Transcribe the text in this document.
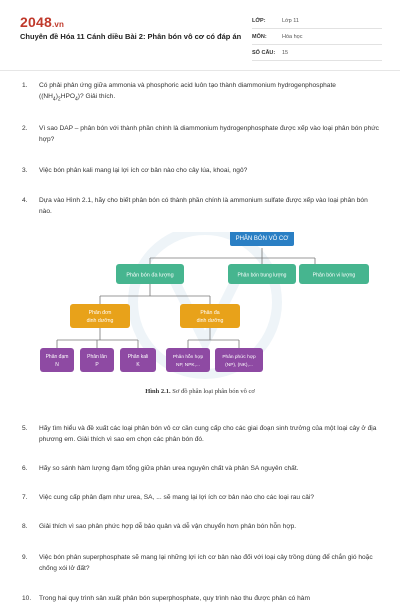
2048.vn
Chuyên đề Hóa 11 Cánh diều Bài 2: Phân bón vô cơ có đáp án
LỚP:	Lớp 11
MÔN:	Hóa học
SỐ CÂU:	15
1.	Có phải phản ứng giữa ammonia và phosphoric acid luôn tạo thành diammonium hydrogenphosphate $((NH_4)_2HPO_4)$? Giải thích.
2.	Vì sao DAP – phân bón với thành phần chính là diammonium hydrogenphosphate được xếp vào loại phân bón phức hợp?
3.	Việc bón phân kali mang lại lợi ích cơ bản nào cho cây lúa, khoai, ngô?
4.	Dựa vào Hình 2.1, hãy cho biết phân bón có thành phần chính là ammonium sulfate được xếp vào loại phân bón nào.
PHÂN BÓN VÔ CƠ
Phân bón đa lượng	Phân bón trung lượng	Phân bón vi lượng
Phân đơn
dinh dưỡng
Phân đa
dinh dưỡng
Phân đạm
N
Phân lân
P
Phân kali
K
Phân hỗn hợp
NP, NPK,...
Phân phức hợp
(NP), (NK),...
Hình 2.1. Sơ đồ phân loại phân bón vô cơ
5.	Hãy tìm hiểu và đề xuất các loại phân bón vô cơ cần cung cấp cho các giai đoạn sinh trưởng của một loại cây ở địa phương em. Giải thích vì sao em chọn các phân bón đó.
6.	Hãy so sánh hàm lượng đạm tổng giữa phân urea nguyên chất và phân SA nguyên chất.
7.	Việc cung cấp phân đạm như urea, SA, ... sẽ mang lại lợi ích cơ bản nào cho các loại rau cải?
8.	Giải thích vì sao phân phức hợp dễ bảo quản và dễ vận chuyển hơn phân bón hỗn hợp.
9.	Việc bón phân superphosphate sẽ mang lại những lợi ích cơ bản nào đối với loại cây trồng dùng để chắn gió hoặc chống xói lở đất?
10.	Trong hai quy trình sản xuất phân bón superphosphate, quy trình nào thu được phân có hàm
